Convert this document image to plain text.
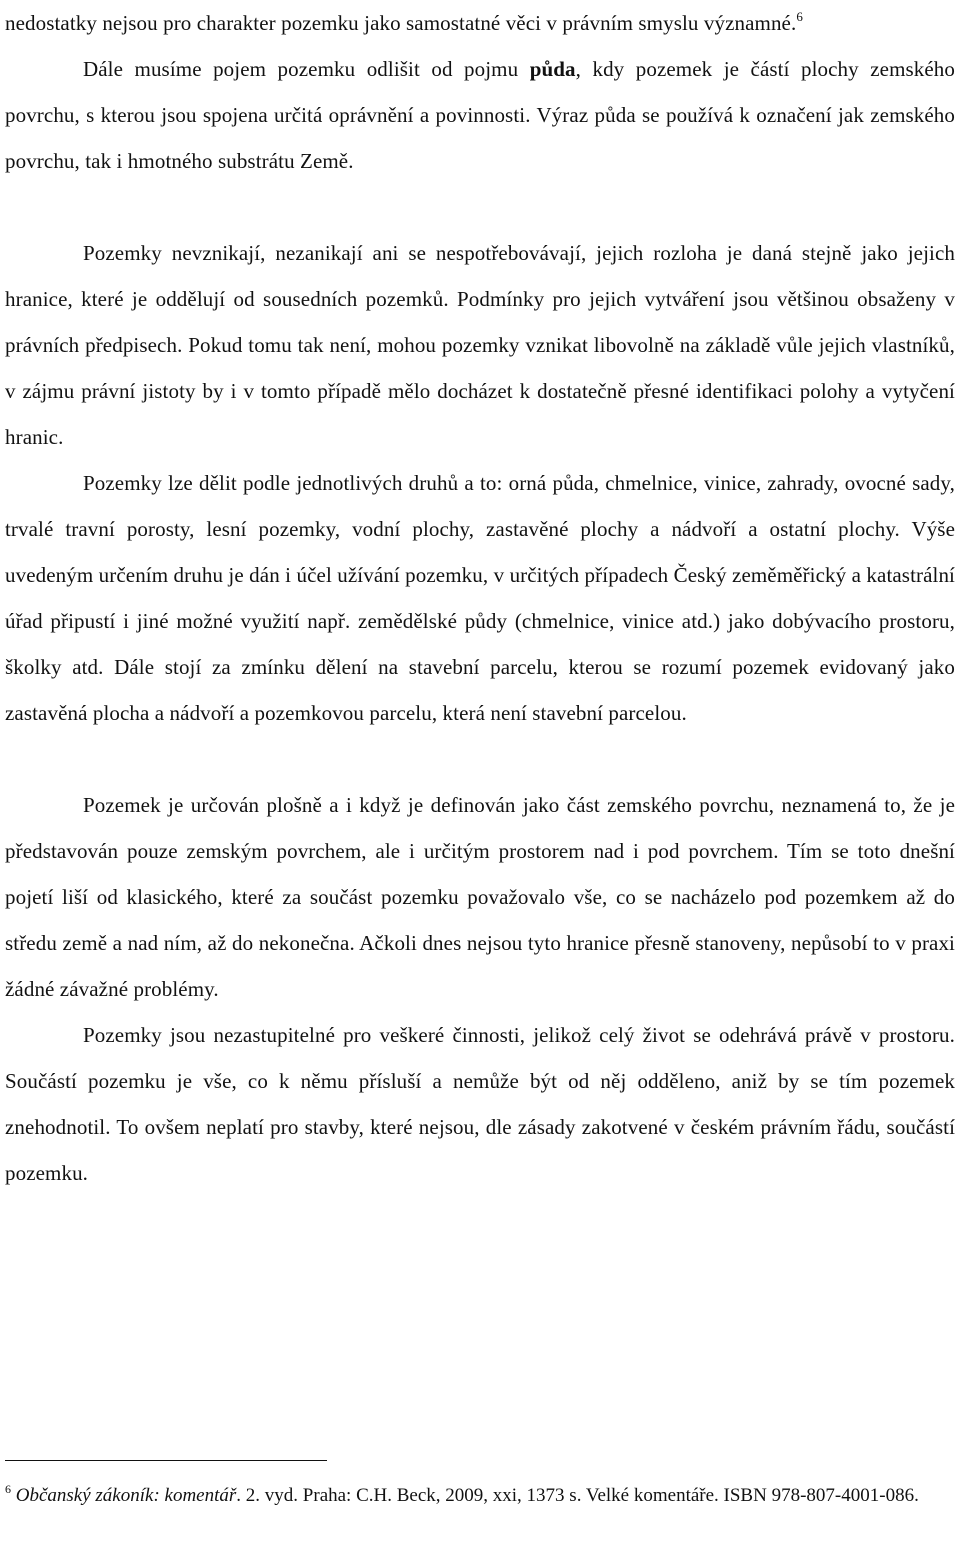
nedostatky nejsou pro charakter pozemku jako samostatné věci v právním smyslu významné.$^6$

Dále musíme pojem pozemku odlišit od pojmu půda, kdy pozemek je částí plochy zemského povrchu, s kterou jsou spojena určitá oprávnění a povinnosti. Výraz půda se používá k označení jak zemského povrchu, tak i hmotného substrátu Země.

Pozemky nevznikají, nezanikají ani se nespotřebovávají, jejich rozloha je daná stejně jako jejich hranice, které je oddělují od sousedních pozemků. Podmínky pro jejich vytváření jsou většinou obsaženy v právních předpisech. Pokud tomu tak není, mohou pozemky vznikat libovolně na základě vůle jejich vlastníků, v zájmu právní jistoty by i v tomto případě mělo docházet k dostatečně přesné identifikaci polohy a vytyčení hranic.

Pozemky lze dělit podle jednotlivých druhů a to: orná půda, chmelnice, vinice, zahrady, ovocné sady, trvalé travní porosty, lesní pozemky, vodní plochy, zastavěné plochy a nádvoří a ostatní plochy. Výše uvedeným určením druhu je dán i účel užívání pozemku, v určitých případech Český zeměměřický a katastrální úřad připustí i jiné možné využití např. zemědělské půdy (chmelnice, vinice atd.) jako dobývacího prostoru, školky atd. Dále stojí za zmínku dělení na stavební parcelu, kterou se rozumí pozemek evidovaný jako zastavěná plocha a nádvoří a pozemkovou parcelu, která není stavební parcelou.

Pozemek je určován plošně a i když je definován jako část zemského povrchu, neznamená to, že je představován pouze zemským povrchem, ale i určitým prostorem nad i pod povrchem. Tím se toto dnešní pojetí liší od klasického, které za součást pozemku považovalo vše, co se nacházelo pod pozemkem až do středu země a nad ním, až do nekonečna. Ačkoli dnes nejsou tyto hranice přesně stanoveny, nepůsobí to v praxi žádné závažné problémy.

Pozemky jsou nezastupitelné pro veškeré činnosti, jelikož celý život se odehrává právě v prostoru. Součástí pozemku je vše, co k němu přísluší a nemůže být od něj odděleno, aniž by se tím pozemek znehodnotil. To ovšem neplatí pro stavby, které nejsou, dle zásady zakotvené v českém právním řádu, součástí pozemku.

$^6$ Občanský zákoník: komentář. 2. vyd. Praha: C.H. Beck, 2009, xxi, 1373 s. Velké komentáře. ISBN 978-807-4001-086.
